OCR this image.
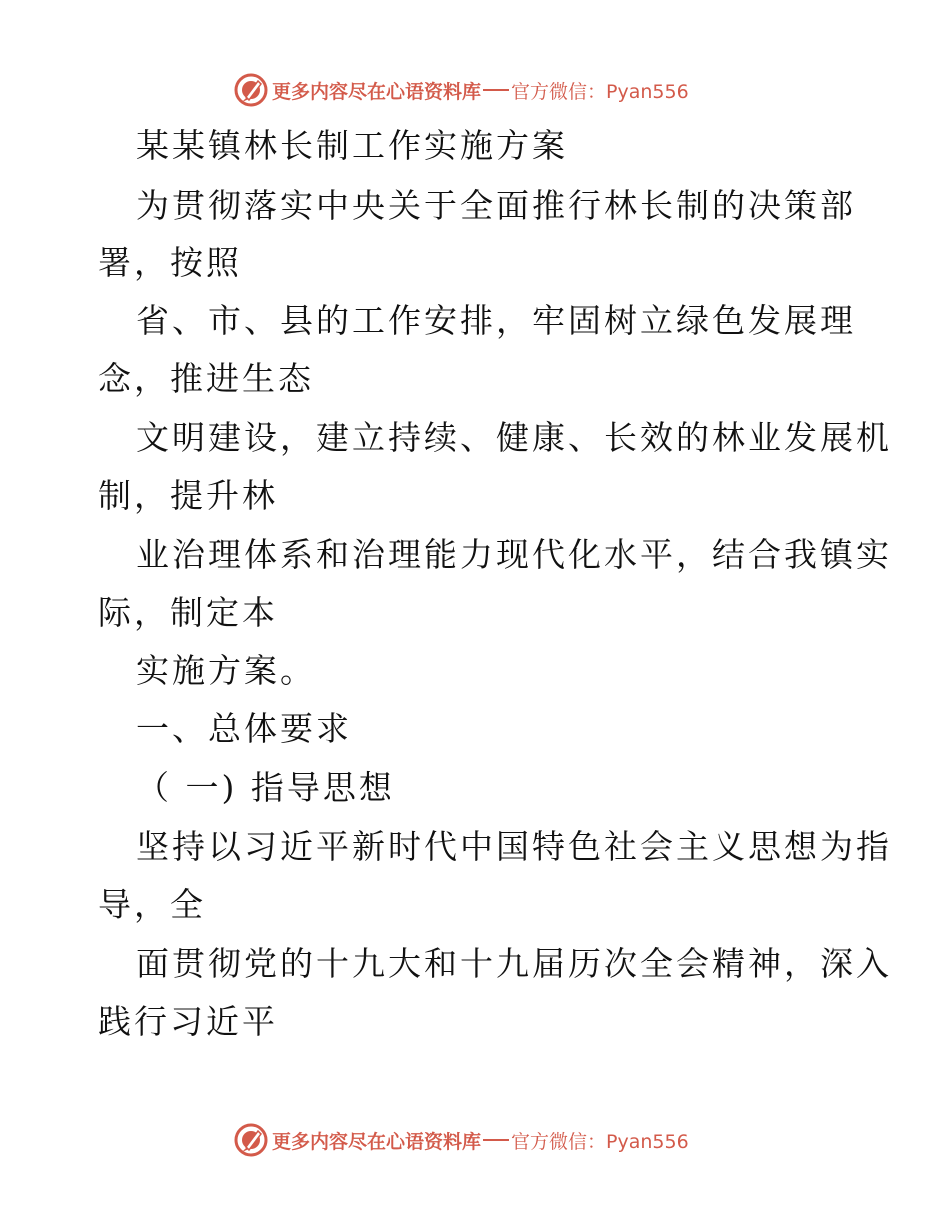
更多内容尽在心语资料库 官方微信：Pyan556
某某镇林长制工作实施方案
为贯彻落实中央关于全面推行林长制的决策部
署，按照
省、市、县的工作安排，牢固树立绿色发展理
念，推进生态
文明建设，建立持续、健康、长效的林业发展机
制，提升林
业治理体系和治理能力现代化水平，结合我镇实
际，制定本
实施方案。
一、总体要求
（ 一) 指导思想
坚持以习近平新时代中国特色社会主义思想为指
导，全
面贯彻党的十九大和十九届历次全会精神，深入
践行习近平
更多内容尽在心语资料库 官方微信：Pyan556
